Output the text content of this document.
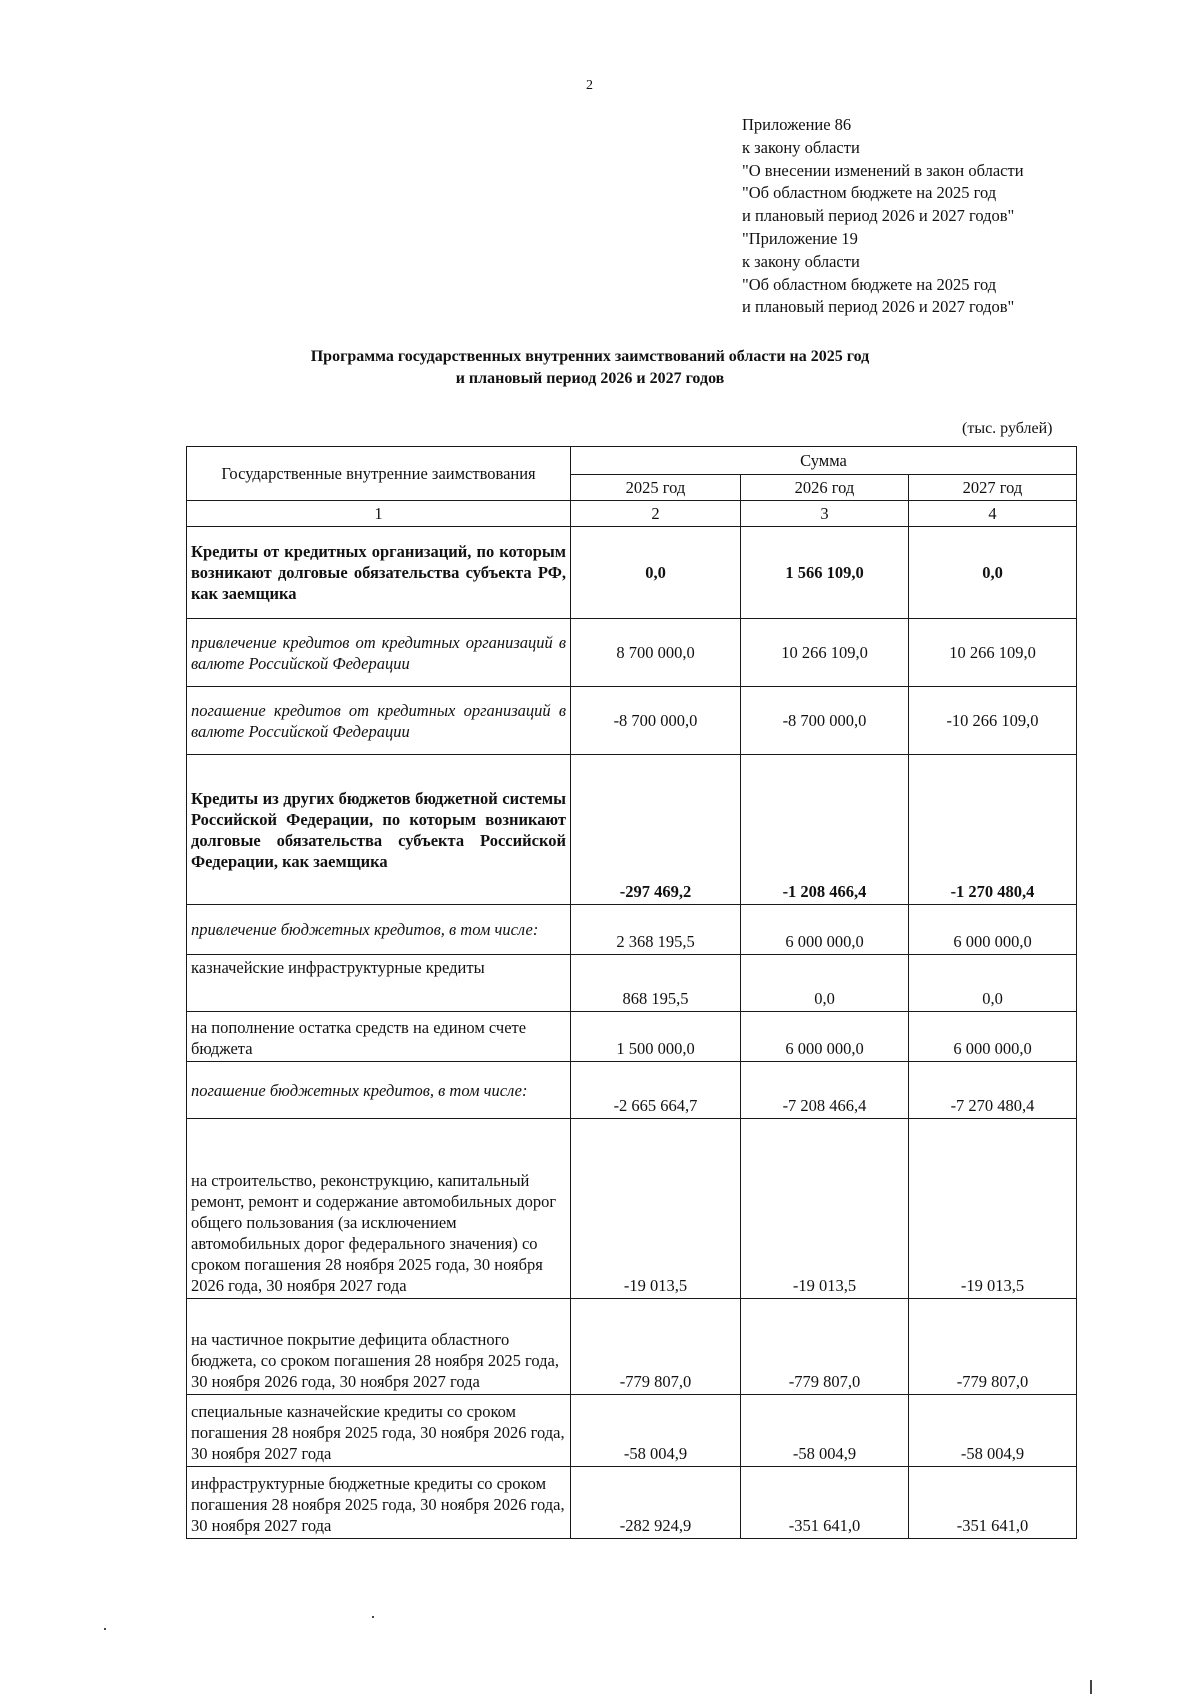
2
Приложение 86
к закону области
"О внесении изменений в закон области
"Об областном бюджете на 2025 год
и плановый период 2026 и 2027 годов"
"Приложение 19
к закону области
"Об областном бюджете на 2025 год
и плановый период 2026 и 2027 годов"
Программа государственных внутренних заимствований области на 2025 год
и плановый период 2026 и 2027 годов
(тыс. рублей)
Государственные внутренние заимствования	Сумма		
	2025 год	2026 год	2027 год
1	2	3	4
Кредиты от кредитных организаций, по которым возникают долговые обязательства субъекта РФ, как заемщика	0,0	1 566 109,0	0,0
привлечение кредитов от кредитных организаций в валюте Российской Федерации	8 700 000,0	10 266 109,0	10 266 109,0
погашение кредитов от кредитных организаций в валюте Российской Федерации	-8 700 000,0	-8 700 000,0	-10 266 109,0
Кредиты из других бюджетов бюджетной системы Российской Федерации, по которым возникают долговые обязательства субъекта Российской Федерации, как заемщика	-297 469,2	-1 208 466,4	-1 270 480,4
привлечение бюджетных кредитов, в том числе:	2 368 195,5	6 000 000,0	6 000 000,0
казначейские инфраструктурные кредиты	868 195,5	0,0	0,0
на пополнение остатка средств на едином счете бюджета	1 500 000,0	6 000 000,0	6 000 000,0
погашение бюджетных кредитов, в том числе:	-2 665 664,7	-7 208 466,4	-7 270 480,4
на строительство, реконструкцию, капитальный ремонт, ремонт и содержание автомобильных дорог общего пользования (за исключением автомобильных дорог федерального значения) со сроком погашения 28 ноября 2025 года, 30 ноября 2026 года, 30 ноября 2027 года	-19 013,5	-19 013,5	-19 013,5
на частичное покрытие дефицита областного бюджета, со сроком погашения 28 ноября 2025 года, 30 ноября 2026 года, 30 ноября 2027 года	-779 807,0	-779 807,0	-779 807,0
специальные казначейские кредиты со сроком погашения 28 ноября 2025 года, 30 ноября 2026 года, 30 ноября 2027 года	-58 004,9	-58 004,9	-58 004,9
инфраструктурные бюджетные кредиты со сроком погашения 28 ноября 2025 года, 30 ноября 2026 года, 30 ноября 2027 года	-282 924,9	-351 641,0	-351 641,0
